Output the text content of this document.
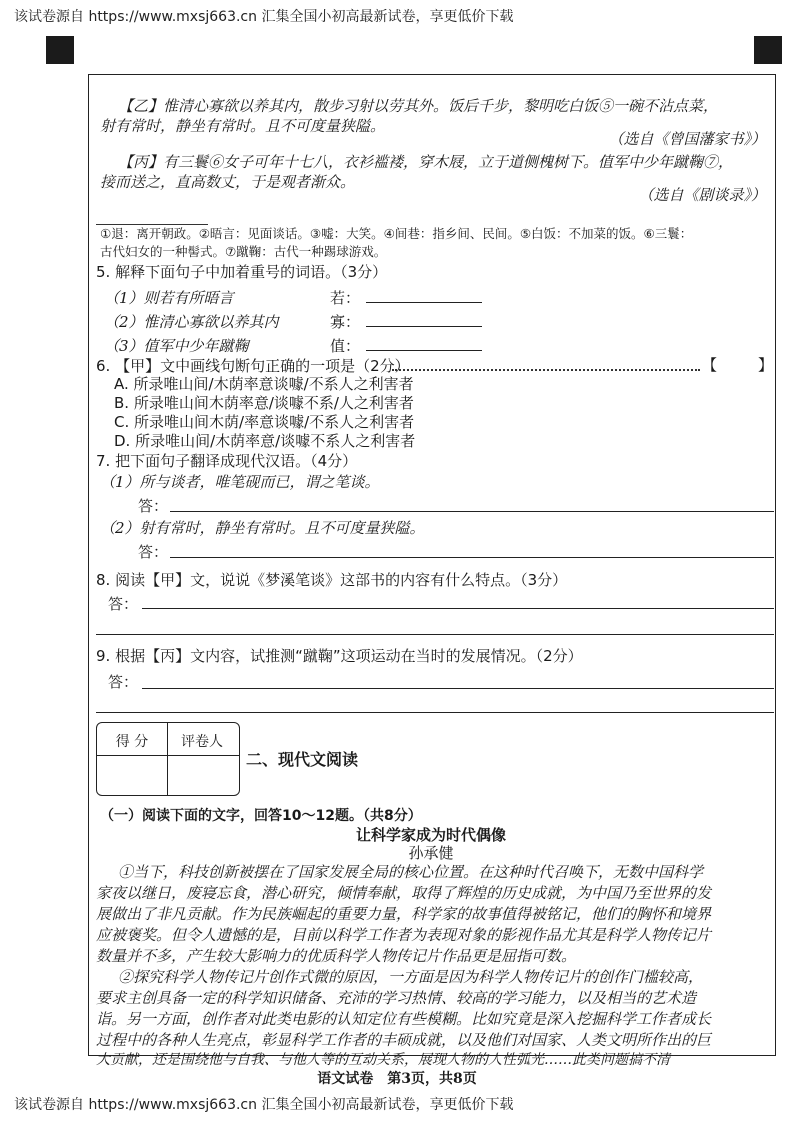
该试卷源自 https://www.mxsj663.cn 汇集全国小初高最新试卷，享更低价下载
【乙】惟清心寡欲以养其内，散步习射以劳其外。饭后千步，黎明吃白饭⑤一碗不沾点菜，
射有常时，静坐有常时。且不可度量狭隘。
（选自《曾国藩家书》）
【丙】有三鬟⑥女子可年十七八，衣衫褴褛，穿木屐，立于道侧槐树下。值军中少年蹴鞠⑦，
接而送之，直高数丈，于是观者渐众。
（选自《剧谈录》）
①退：离开朝政。②晤言：见面谈话。③嘘：大笑。④间巷：指乡间、民间。⑤白饭：不加菜的饭。⑥三鬟：
古代妇女的一种髻式。⑦蹴鞠：古代一种踢球游戏。
5. 解释下面句子中加着重号的词语。（3分）
（1）则若有所晤言	若：
（2）惟清心寡欲以养其内	寡：
（3）值军中少年蹴鞠	值：
6. 【甲】文中画线句断句正确的一项是（2分）	【	】
A. 所录唯山间/木荫率意谈噱/不系人之利害者
B. 所录唯山间木荫率意/谈噱不系/人之利害者
C. 所录唯山间木荫/率意谈噱/不系人之利害者
D. 所录唯山间/木荫率意/谈噱不系人之利害者
7. 把下面句子翻译成现代汉语。（4分）
（1）所与谈者，唯笔砚而已，谓之笔谈。
答：
（2）射有常时，静坐有常时。且不可度量狭隘。
答：
8. 阅读【甲】文，说说《梦溪笔谈》这部书的内容有什么特点。（3分）
答：
9. 根据【丙】文内容，试推测“蹴鞠”这项运动在当时的发展情况。（2分）
答：
得 分	评卷人
二、现代文阅读
（一）阅读下面的文字，回答10～12题。（共8分）
让科学家成为时代偶像
孙承健
①当下，科技创新被摆在了国家发展全局的核心位置。在这种时代召唤下，无数中国科学
家夜以继日，废寝忘食，潜心研究，倾情奉献，取得了辉煌的历史成就，为中国乃至世界的发
展做出了非凡贡献。作为民族崛起的重要力量，科学家的故事值得被铭记，他们的胸怀和境界
应被褒奖。但令人遗憾的是，目前以科学工作者为表现对象的影视作品尤其是科学人物传记片
数量并不多，产生较大影响力的优质科学人物传记片作品更是屈指可数。
②探究科学人物传记片创作式微的原因，一方面是因为科学人物传记片的创作门槛较高，
要求主创具备一定的科学知识储备、充沛的学习热情、较高的学习能力，以及相当的艺术造
诣。另一方面，创作者对此类电影的认知定位有些模糊。比如究竟是深入挖掘科学工作者成长
过程中的各种人生亮点，彰显科学工作者的丰硕成就，以及他们对国家、人类文明所作出的巨
大贡献，还是围绕他与自我、与他人等的互动关系，展现人物的人性弧光……此类问题搞不清
语文试卷　第3页，共8页
该试卷源自 https://www.mxsj663.cn 汇集全国小初高最新试卷，享更低价下载
